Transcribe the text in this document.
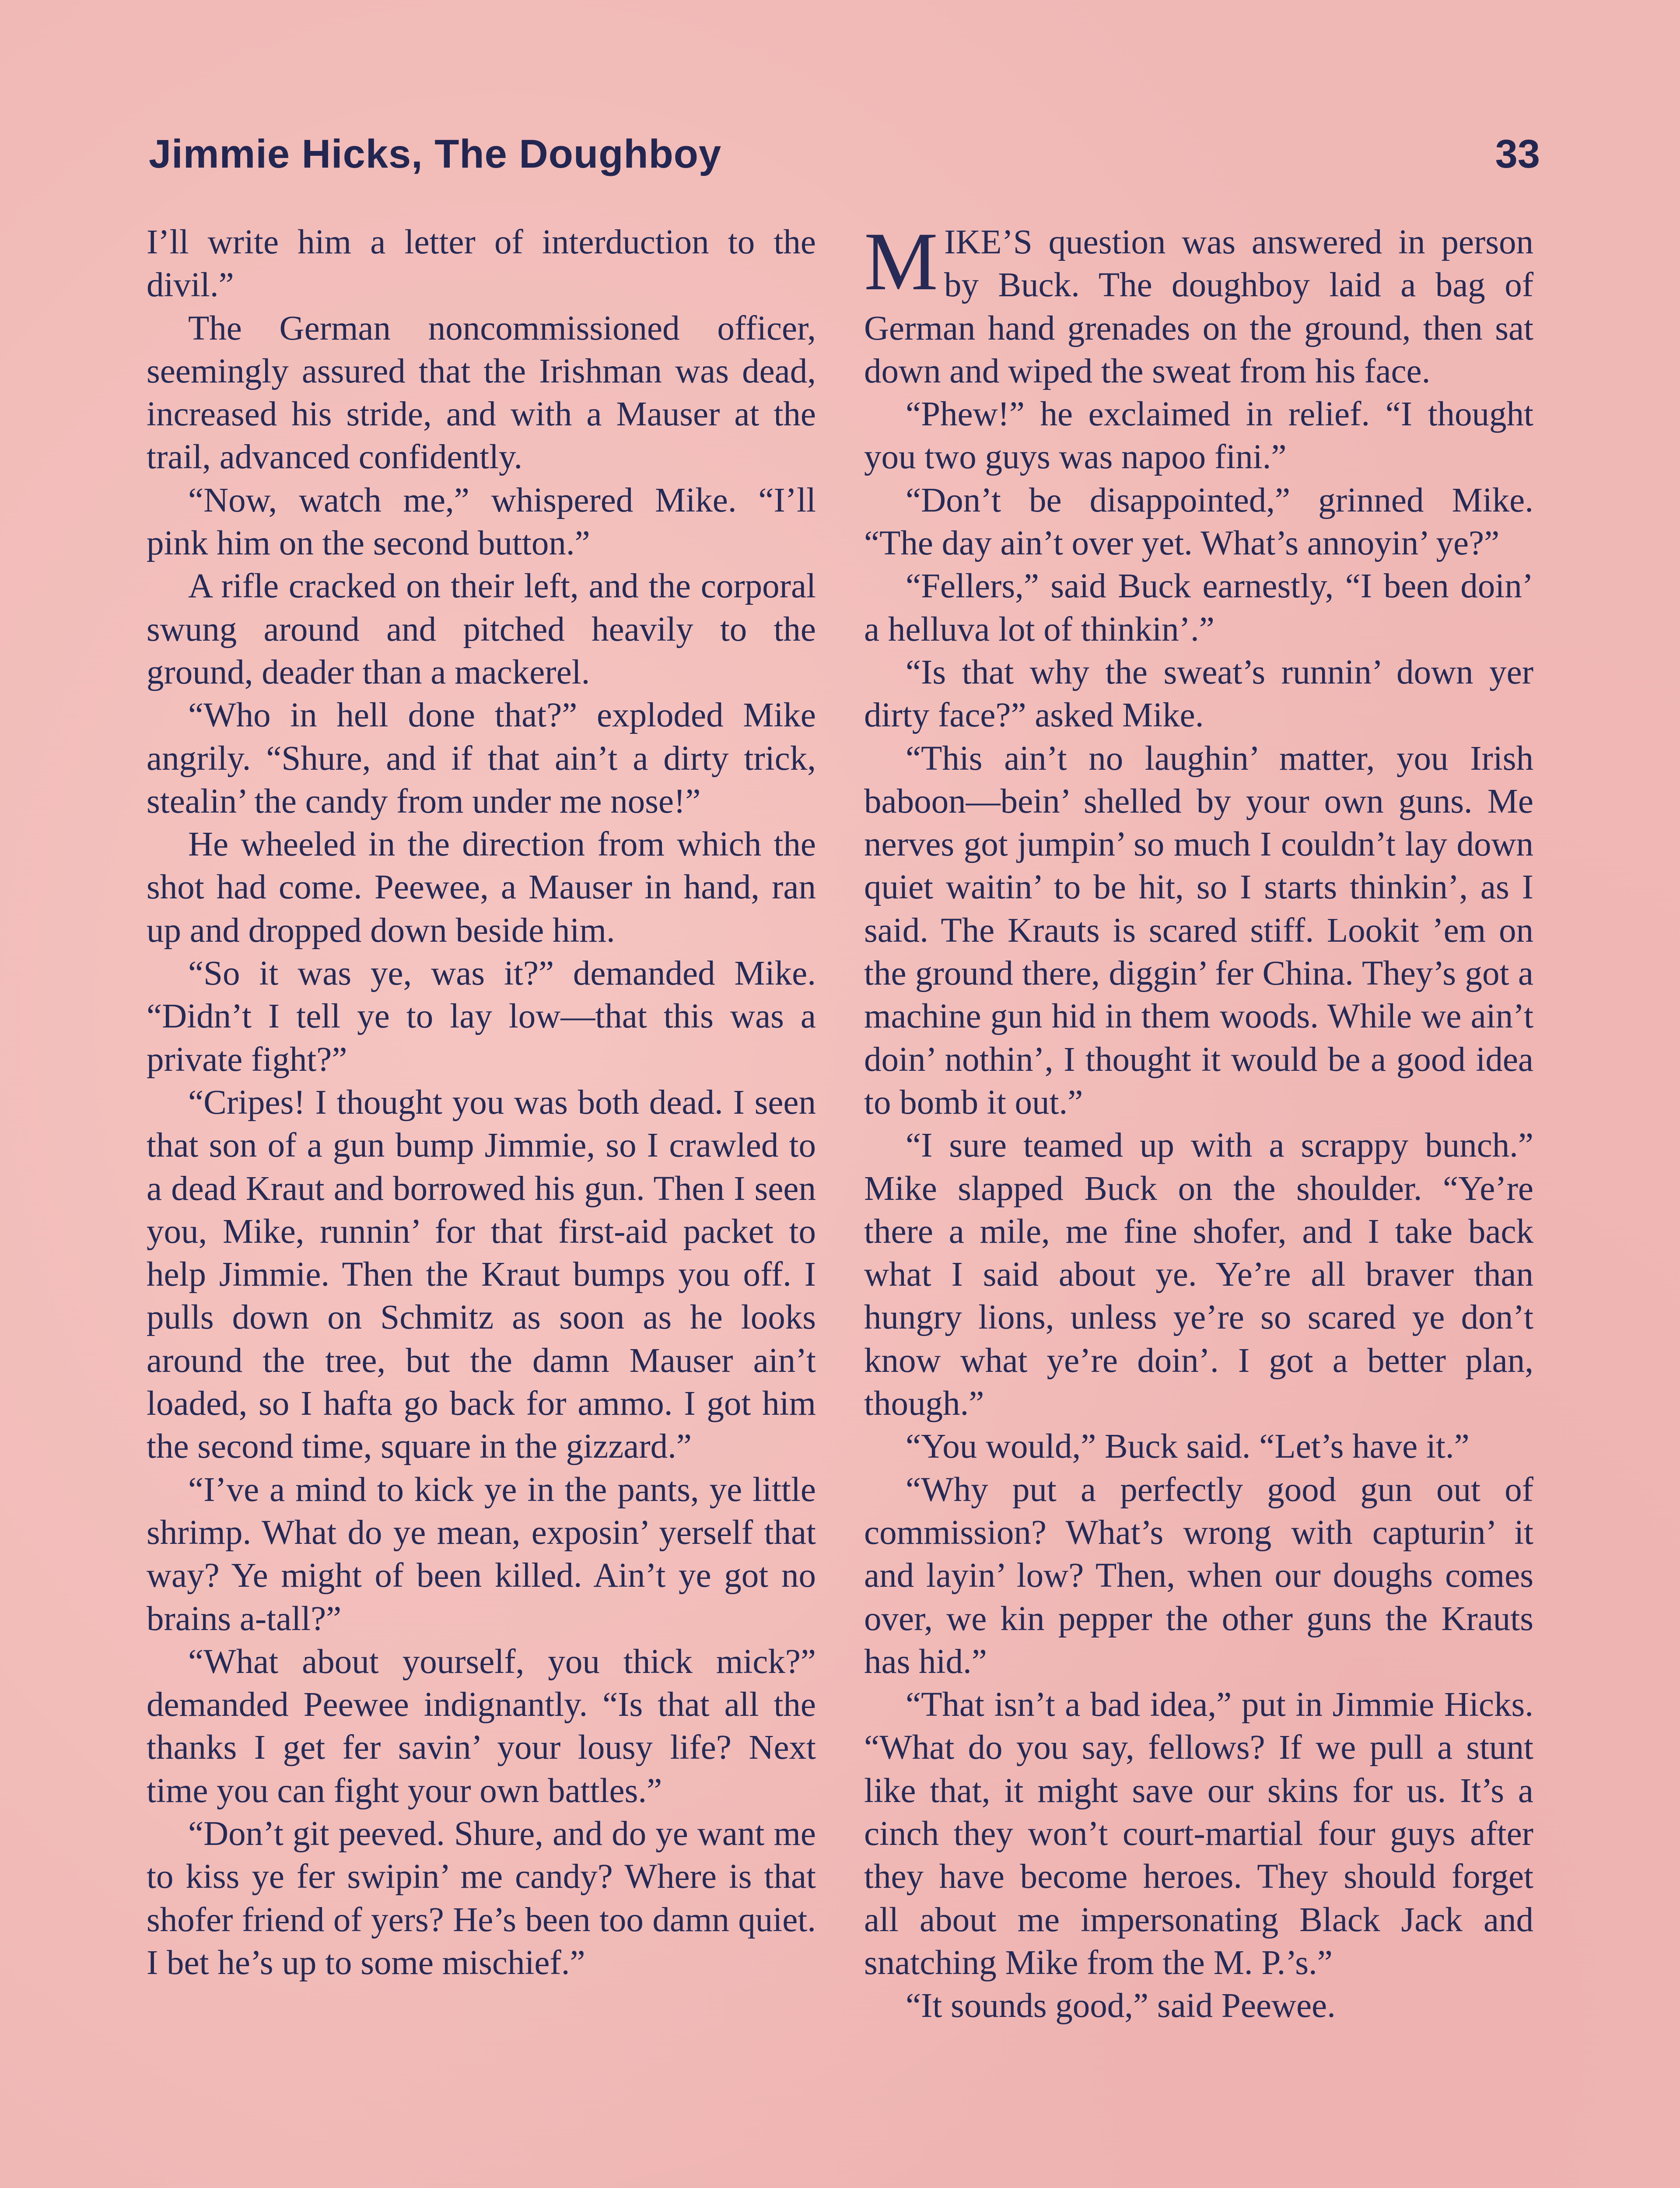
Jimmie Hicks, The Doughboy	33

I’ll write him a letter of interduction to the divil.”

The German noncommissioned officer, seemingly assured that the Irishman was dead, increased his stride, and with a Mauser at the trail, advanced confidently.

“Now, watch me,” whispered Mike. “I’ll pink him on the second button.”

A rifle cracked on their left, and the corporal swung around and pitched heavily to the ground, deader than a mackerel.

“Who in hell done that?” exploded Mike angrily. “Shure, and if that ain’t a dirty trick, stealin’ the candy from under me nose!”

He wheeled in the direction from which the shot had come. Peewee, a Mauser in hand, ran up and dropped down beside him.

“So it was ye, was it?” demanded Mike. “Didn’t I tell ye to lay low—that this was a private fight?”

“Cripes! I thought you was both dead. I seen that son of a gun bump Jimmie, so I crawled to a dead Kraut and borrowed his gun. Then I seen you, Mike, runnin’ for that first-aid packet to help Jimmie. Then the Kraut bumps you off. I pulls down on Schmitz as soon as he looks around the tree, but the damn Mauser ain’t loaded, so I hafta go back for ammo. I got him the second time, square in the gizzard.”

“I’ve a mind to kick ye in the pants, ye little shrimp. What do ye mean, exposin’ yerself that way? Ye might of been killed. Ain’t ye got no brains a-tall?”

“What about yourself, you thick mick?” demanded Peewee indignantly. “Is that all the thanks I get fer savin’ your lousy life? Next time you can fight your own battles.”

“Don’t git peeved. Shure, and do ye want me to kiss ye fer swipin’ me candy? Where is that shofer friend of yers? He’s been too damn quiet. I bet he’s up to some mischief.”

MIKE’S question was answered in person by Buck. The doughboy laid a bag of German hand grenades on the ground, then sat down and wiped the sweat from his face.

“Phew!” he exclaimed in relief. “I thought you two guys was napoo fini.”

“Don’t be disappointed,” grinned Mike. “The day ain’t over yet. What’s annoyin’ ye?”

“Fellers,” said Buck earnestly, “I been doin’ a helluva lot of thinkin’.”

“Is that why the sweat’s runnin’ down yer dirty face?” asked Mike.

“This ain’t no laughin’ matter, you Irish baboon—bein’ shelled by your own guns. Me nerves got jumpin’ so much I couldn’t lay down quiet waitin’ to be hit, so I starts thinkin’, as I said. The Krauts is scared stiff. Lookit ’em on the ground there, diggin’ fer China. They’s got a machine gun hid in them woods. While we ain’t doin’ nothin’, I thought it would be a good idea to bomb it out.”

“I sure teamed up with a scrappy bunch.” Mike slapped Buck on the shoulder. “Ye’re there a mile, me fine shofer, and I take back what I said about ye. Ye’re all braver than hungry lions, unless ye’re so scared ye don’t know what ye’re doin’. I got a better plan, though.”

“You would,” Buck said. “Let’s have it.”

“Why put a perfectly good gun out of commission? What’s wrong with capturin’ it and layin’ low? Then, when our doughs comes over, we kin pepper the other guns the Krauts has hid.”

“That isn’t a bad idea,” put in Jimmie Hicks. “What do you say, fellows? If we pull a stunt like that, it might save our skins for us. It’s a cinch they won’t court-martial four guys after they have become heroes. They should forget all about me impersonating Black Jack and snatching Mike from the M. P.’s.”

“It sounds good,” said Peewee.
